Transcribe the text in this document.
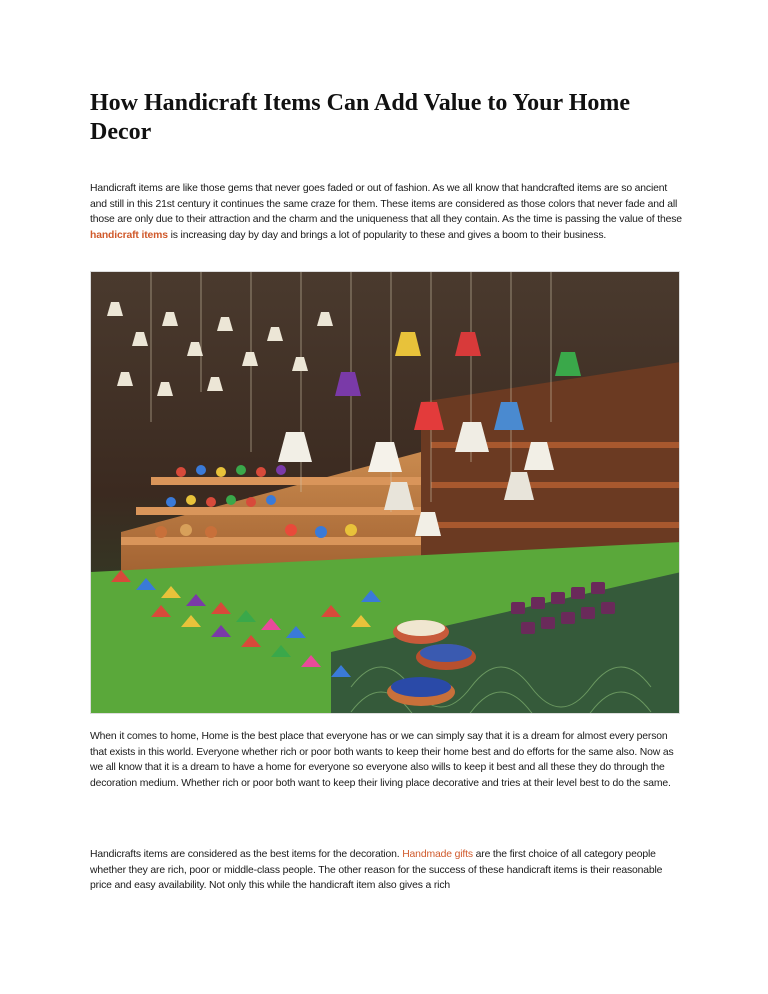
How Handicraft Items Can Add Value to Your Home Decor

Handicraft items are like those gems that never goes faded or out of fashion. As we all know that handcrafted items are so ancient and still in this 21st century it continues the same craze for them. These items are considered as those colors that never fade and all those are only due to their attraction and the charm and the uniqueness that all they contain. As the time is passing the value of these handicraft items is increasing day by day and brings a lot of popularity to these and gives a boom to their business.

When it comes to home, Home is the best place that everyone has or we can simply say that it is a dream for almost every person that exists in this world. Everyone whether rich or poor both wants to keep their home best and do efforts for the same also. Now as we all know that it is a dream to have a home for everyone so everyone also wills to keep it best and all these they do through the decoration medium. Whether rich or poor both want to keep their living place decorative and tries at their level best to do the same.

Handicrafts items are considered as the best items for the decoration. Handmade gifts are the first choice of all category people whether they are rich, poor or middle-class people. The other reason for the success of these handicraft items is their reasonable price and easy availability. Not only this while the handicraft item also gives a rich
